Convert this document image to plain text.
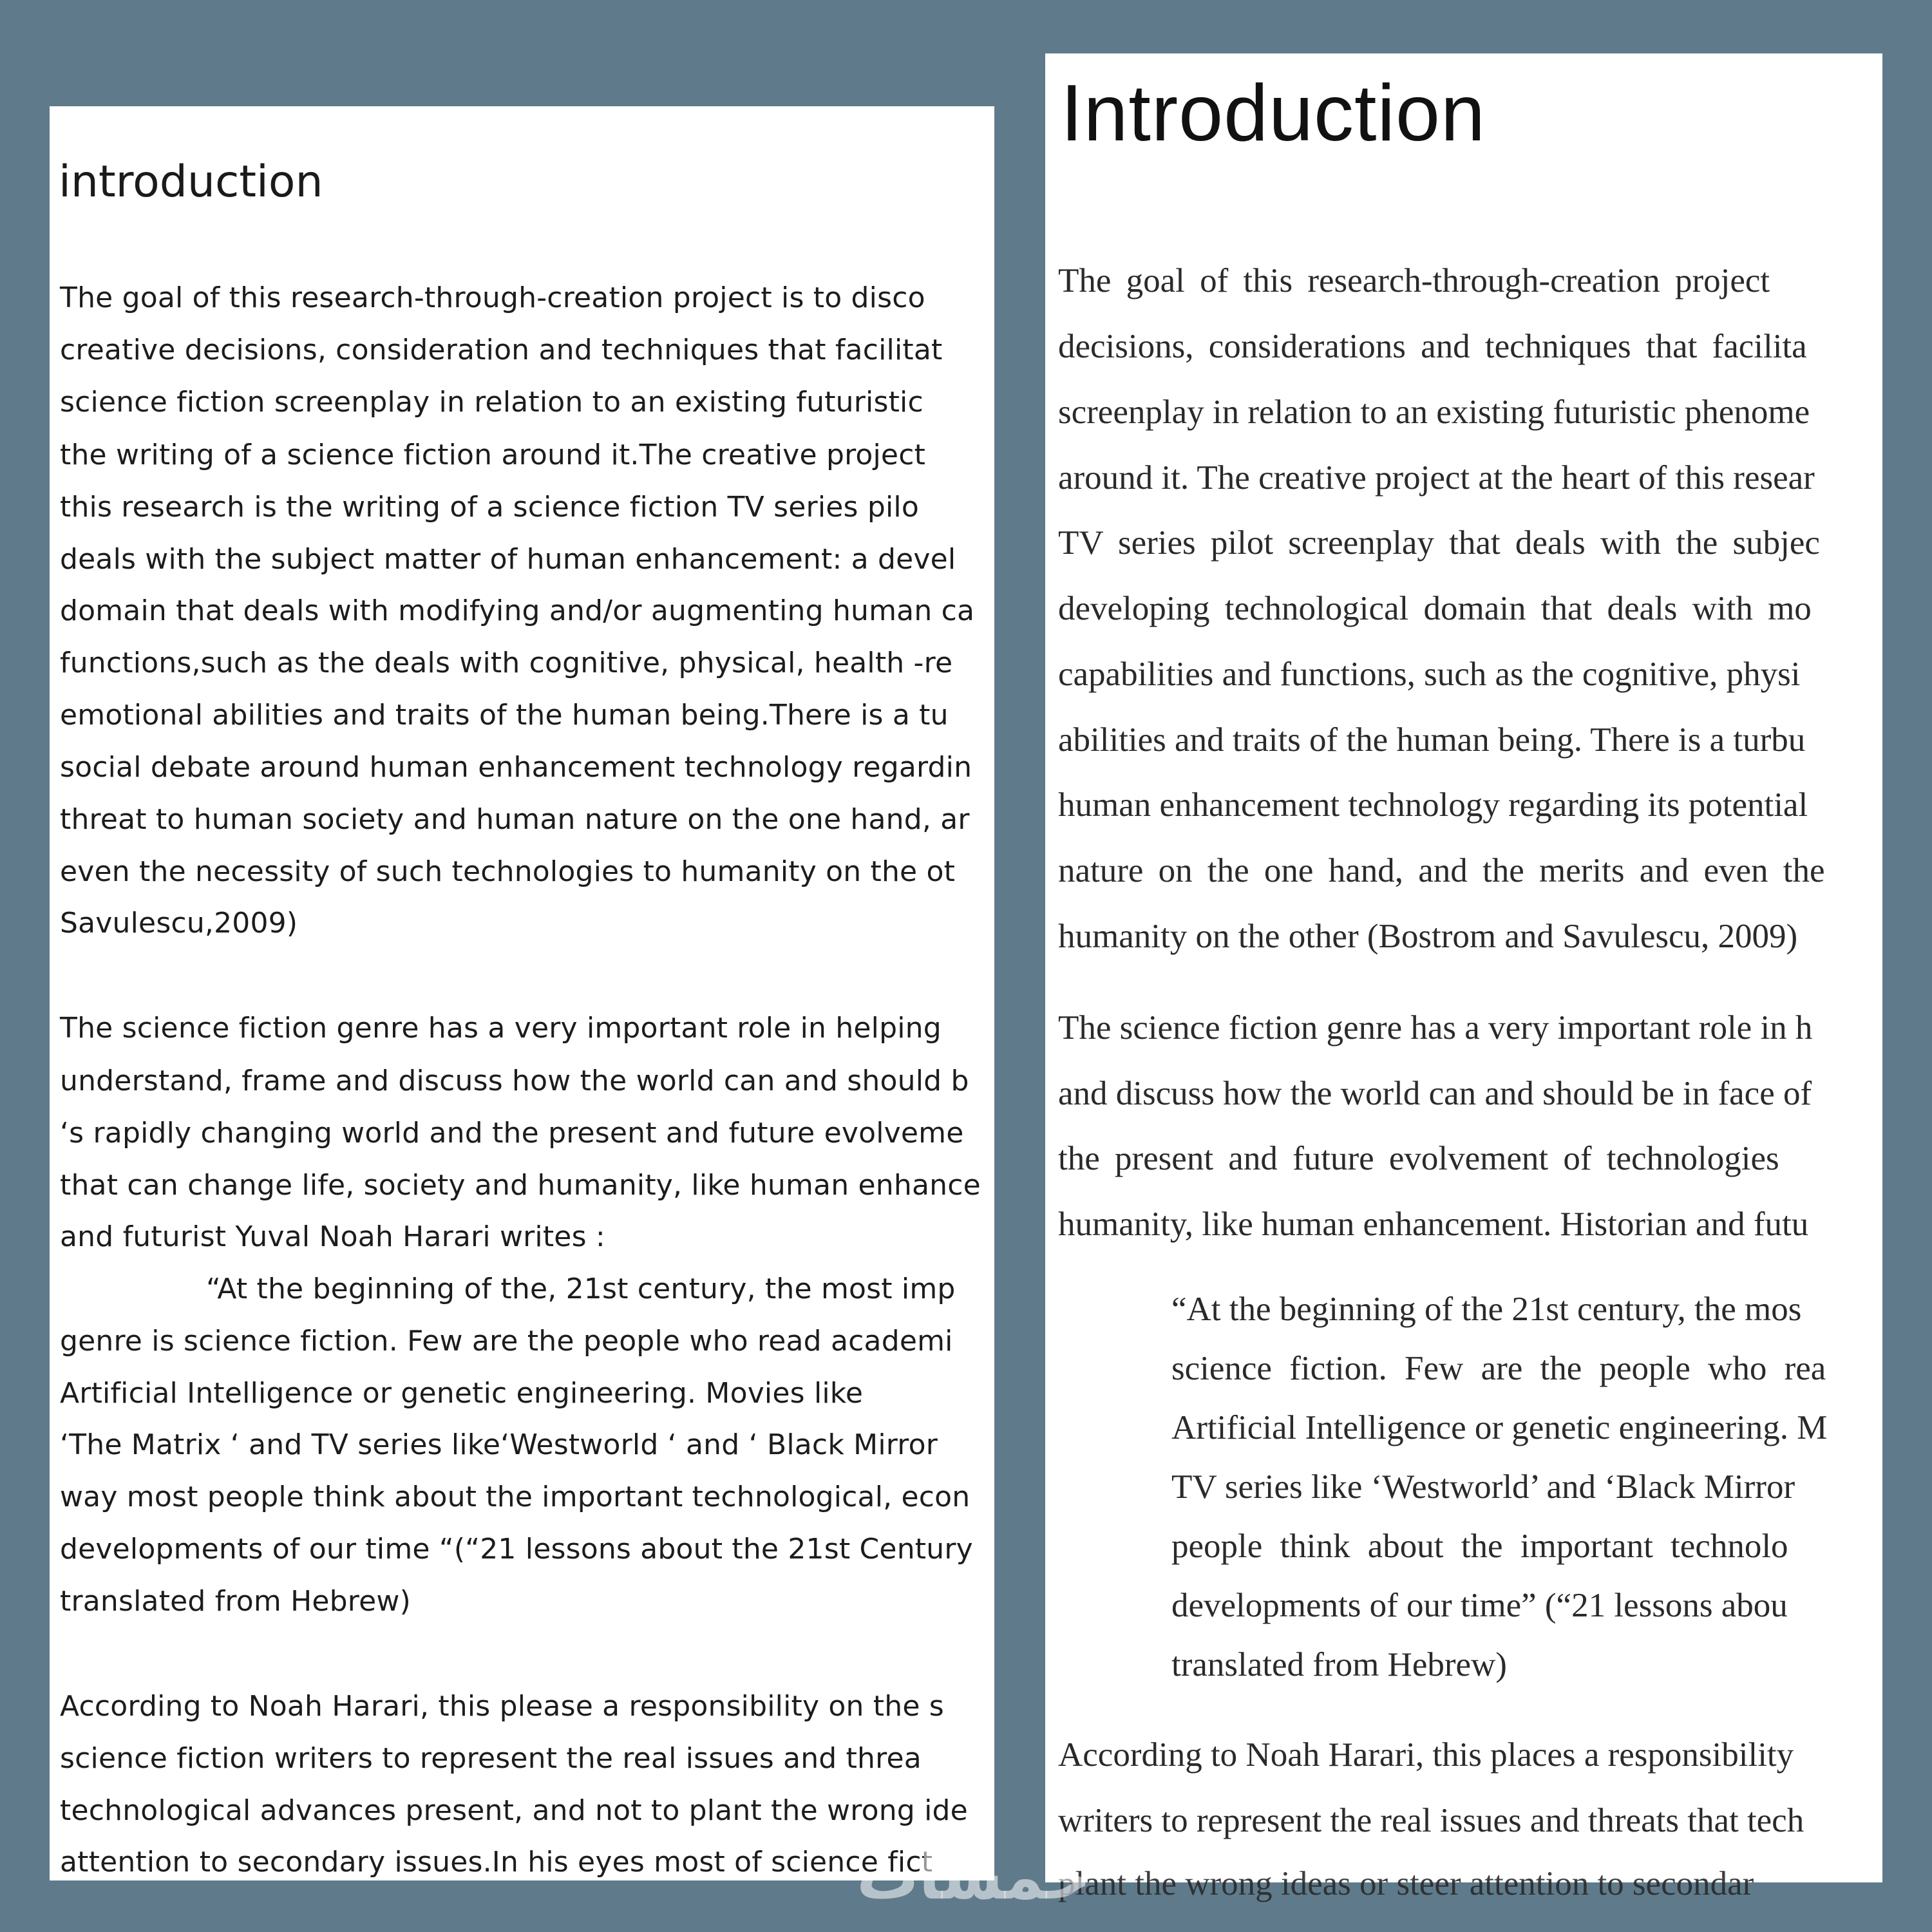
introduction
The goal of this research-through-creation project is to disco
creative decisions, consideration and techniques that facilitat
science fiction screenplay in relation to an existing futuristic
the writing of a science fiction around it.The creative project
this research is the writing of a science fiction TV series pilo
deals with the subject matter of human enhancement: a devel
domain that deals with modifying and/or augmenting human ca
functions,such as the deals with cognitive, physical, health -re
emotional abilities and traits of the human being.There is a tu
social debate around human enhancement technology regardin
threat to human society and human nature on the one hand, ar
even the necessity of such technologies to humanity on the ot
Savulescu,2009)
The science fiction genre has a very important role in helping
understand, frame and discuss how the world can and should b
‘s rapidly changing world and the present and future evolveme
that can change life, society and humanity, like human enhance
and futurist Yuval Noah Harari writes :
“At the beginning of the, 21st century, the most imp
genre is science fiction. Few are the people who read academi
Artificial Intelligence or genetic engineering. Movies like
‘The Matrix ‘ and TV series like‘Westworld ‘ and ‘ Black Mirror
way most people think about the important technological, econ
developments of our time “(“21 lessons about the 21st Century
translated from Hebrew)
According to Noah Harari, this please a responsibility on the s
science fiction writers to represent the real issues and threa
technological advances present, and not to plant the wrong ide
attention to secondary issues.In his eyes most of science fict
Introduction
The goal of this research-through-creation project
decisions, considerations and techniques that facilita
screenplay in relation to an existing futuristic phenome
around it. The creative project at the heart of this resear
TV series pilot screenplay that deals with the subjec
developing technological domain that deals with mo
capabilities and functions, such as the cognitive, physi
abilities and traits of the human being. There is a turbu
human enhancement technology regarding its potential
nature on the one hand, and the merits and even the
humanity on the other (Bostrom and Savulescu, 2009)
The science fiction genre has a very important role in h
and discuss how the world can and should be in face of
the present and future evolvement of technologies
humanity, like human enhancement. Historian and futu
“At the beginning of the 21st century, the mos
science fiction. Few are the people who rea
Artificial Intelligence or genetic engineering. M
TV series like ‘Westworld’ and ‘Black Mirror
people think about the important technolo
developments of our time” (“21 lessons abou
translated from Hebrew)
According to Noah Harari, this places a responsibility
writers to represent the real issues and threats that tech
plant the wrong ideas or steer attention to secondar
خمسات
